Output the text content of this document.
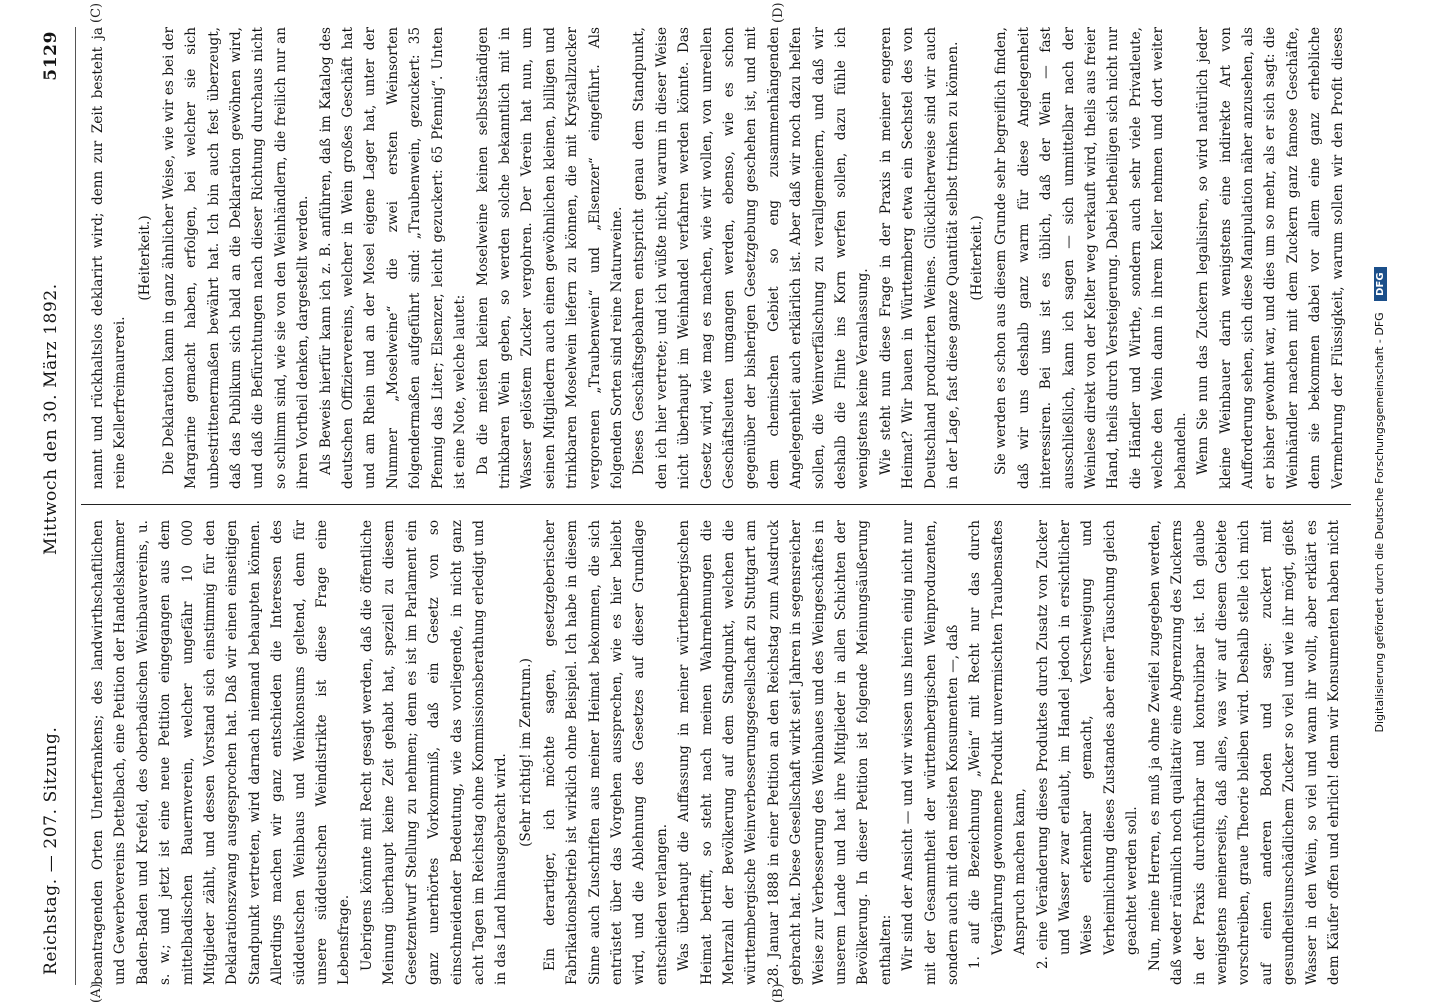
Reichstag. — 207. Sitzung.
Mittwoch den 30. März 1892.
5129
(A)	(B)
(C)	(D)

beantragenden Orten Unterfrankens; des landwirthschaftlichen und Gewerbevereins Dettelbach, eine Petition der Handelskammer Baden-Baden und Krefeld, des oberbadischen Weinbauvereins, u. s. w.; und jetzt ist eine neue Petition eingegangen aus dem mittelbadischen Bauernverein, welcher ungefähr 10 000 Mitglieder zählt, und dessen Vorstand sich einstimmig für den Deklarationszwang ausgesprochen hat. Daß wir einen einseitigen Standpunkt vertreten, wird darnach niemand behaupten können. Allerdings machen wir ganz entschieden die Interessen des süddeutschen Weinbaus und Weinkonsums geltend, denn für unsere süddeutschen Weindistrikte ist diese Frage eine Lebensfrage. Uebrigens könnte mit Recht gesagt werden, daß die öffentliche Meinung überhaupt keine Zeit gehabt hat, speziell zu diesem Gesetzentwurf Stellung zu nehmen; denn es ist im Parlament ein ganz unerhörtes Vorkommniß, daß ein Gesetz von so einschneidender Bedeutung, wie das vorliegende, in nicht ganz acht Tagen im Reichstag ohne Kommissionsberathung erledigt und in das Land hinausgebracht wird.

(Sehr richtig! im Zentrum.) Ein derartiger, ich möchte sagen, gesetzgeberischer Fabrikationsbetrieb ist wirklich ohne Beispiel. Ich habe in diesem Sinne auch Zuschriften aus meiner Heimat bekommen, die sich entrüstet über das Vorgehen aussprechen, wie es hier beliebt wird, und die Ablehnung des Gesetzes auf dieser Grundlage entschieden verlangen. Was überhaupt die Auffassung in meiner württembergischen Heimat betrifft, so steht nach meinen Wahrnehmungen die Mehrzahl der Bevölkerung auf dem Standpunkt, welchen die württembergische Weinverbesserungsgesellschaft zu Stuttgart am 28. Januar 1888 in einer Petition an den Reichstag zum Ausdruck gebracht hat. Diese Gesellschaft wirkt seit Jahren in segensreicher Weise zur Verbesserung des Weinbaues und des Weingeschäftes in unserem Lande und hat ihre Mitglieder in allen Schichten der Bevölkerung. In dieser Petition ist folgende Meinungsäußerung enthalten: Wir sind der Ansicht — und wir wissen uns hierin einig nicht nur mit der Gesammtheit der württembergischen Weinproduzenten, sondern auch mit den meisten Konsumenten —, daß 1. auf die Bezeichnung „Wein“ mit Recht nur das durch Vergährung gewonnene Produkt unvermischten Traubensaftes Anspruch machen kann, 2. eine Veränderung dieses Produktes durch Zusatz von Zucker und Wasser zwar erlaubt, im Handel jedoch in ersichtlicher Weise erkennbar gemacht, Verschweigung und Verheimlichung dieses Zustandes aber einer Täuschung gleich geachtet werden soll. Nun, meine Herren, es muß ja ohne Zweifel zugegeben werden, daß weder räumlich noch qualitativ eine Abgrenzung des Zuckerns in der Praxis durchführbar und kontrolirbar ist. Ich glaube wenigstens meinerseits, daß alles, was wir auf diesem Gebiete vorschreiben, graue Theorie bleiben wird. Deshalb stelle ich mich auf einen anderen Boden und sage: zuckert mit gesundheitsunschädlichem Zucker so viel und wie ihr mögt, gießt Wasser in den Wein, so viel und wann ihr wollt, aber erklärt es dem Käufer offen und ehrlich! denn wir Konsumenten haben nicht

nannt und rückhaltslos deklarirt wird; denn zur Zeit besteht ja reine Kellerfreimaurerei.

(Heiterkeit.) Die Deklaration kann in ganz ähnlicher Weise, wie wir es bei der Margarine gemacht haben, erfolgen, bei welcher sie sich unbestrittenermaßen bewährt hat. Ich bin auch fest überzeugt, daß das Publikum sich bald an die Deklaration gewöhnen wird, und daß die Befürchtungen nach dieser Richtung durchaus nicht so schlimm sind, wie sie von den Weinhändlern, die freilich nur an ihren Vortheil denken, dargestellt werden. Als Beweis hierfür kann ich z. B. anführen, daß im Katalog des deutschen Offiziervereins, welcher in Wein großes Geschäft hat und am Rhein und an der Mosel eigene Lager hat, unter der Nummer „Moselweine“ die zwei ersten Weinsorten folgendermaßen aufgeführt sind: „Traubenwein, gezuckert: 35 Pfennig das Liter; Elsenzer, leicht gezuckert: 65 Pfennig“. Unten ist eine Note, welche lautet: Da die meisten kleinen Moselweine keinen selbstständigen trinkbaren Wein geben, so werden solche bekanntlich mit in Wasser gelöstem Zucker vergohren. Der Verein hat nun, um seinen Mitgliedern auch einen gewöhnlichen kleinen, billigen und trinkbaren Moselwein liefern zu können, die mit Krystallzucker vergorenen „Traubenwein“ und „Elsenzer“ eingeführt. Als folgenden Sorten sind reine Naturweine. Dieses Geschäftsgebahren entspricht genau dem Standpunkt, den ich hier vertrete; und ich wüßte nicht, warum in dieser Weise nicht überhaupt im Weinhandel verfahren werden könnte. Das Gesetz wird, wie mag es machen, wie wir wollen, von unreellen Geschäftsleuten umgangen werden, ebenso, wie es schon gegenüber der bisherigen Gesetzgebung geschehen ist, und mit dem chemischen Gebiet so eng zusammenhängenden Angelegenheit auch erklärlich ist. Aber daß wir noch dazu helfen sollen, die Weinverfälschung zu verallgemeinern, und daß wir deshalb die Flinte ins Korn werfen sollen, dazu fühle ich wenigstens keine Veranlassung. Wie steht nun diese Frage in der Praxis in meiner engeren Heimat? Wir bauen in Württemberg etwa ein Sechstel des von Deutschland produzirten Weines. Glücklicherweise sind wir auch in der Lage, fast diese ganze Quantität selbst trinken zu können. (Heiterkeit.) Sie werden es schon aus diesem Grunde sehr begreiflich finden, daß wir uns deshalb ganz warm für diese Angelegenheit interessiren. Bei uns ist es üblich, daß der Wein — fast ausschließlich, kann ich sagen — sich unmittelbar nach der Weinlese direkt von der Kelter weg verkauft wird, theils aus freier Hand, theils durch Versteigerung. Dabei betheiligen sich nicht nur die Händler und Wirthe, sondern auch sehr viele Privatleute, welche den Wein dann in ihrem Keller nehmen und dort weiter behandeln. Wenn Sie nun das Zuckern legalisiren, so wird natürlich jeder kleine Weinbauer darin wenigstens eine indirekte Art von Aufforderung sehen, sich diese Manipulation näher anzusehen, als er bisher gewohnt war, und dies um so mehr, als er sich sagt: die Weinhändler machen mit dem Zuckern ganz famose Geschäfte, denn sie bekommen dabei vor allem eine ganz erhebliche Vermehrung der Flüssigkeit, warum sollen wir den Profit dieses

Digitalisierung gefördert durch die Deutsche Forschungsgemeinschaft - DFG DFG
